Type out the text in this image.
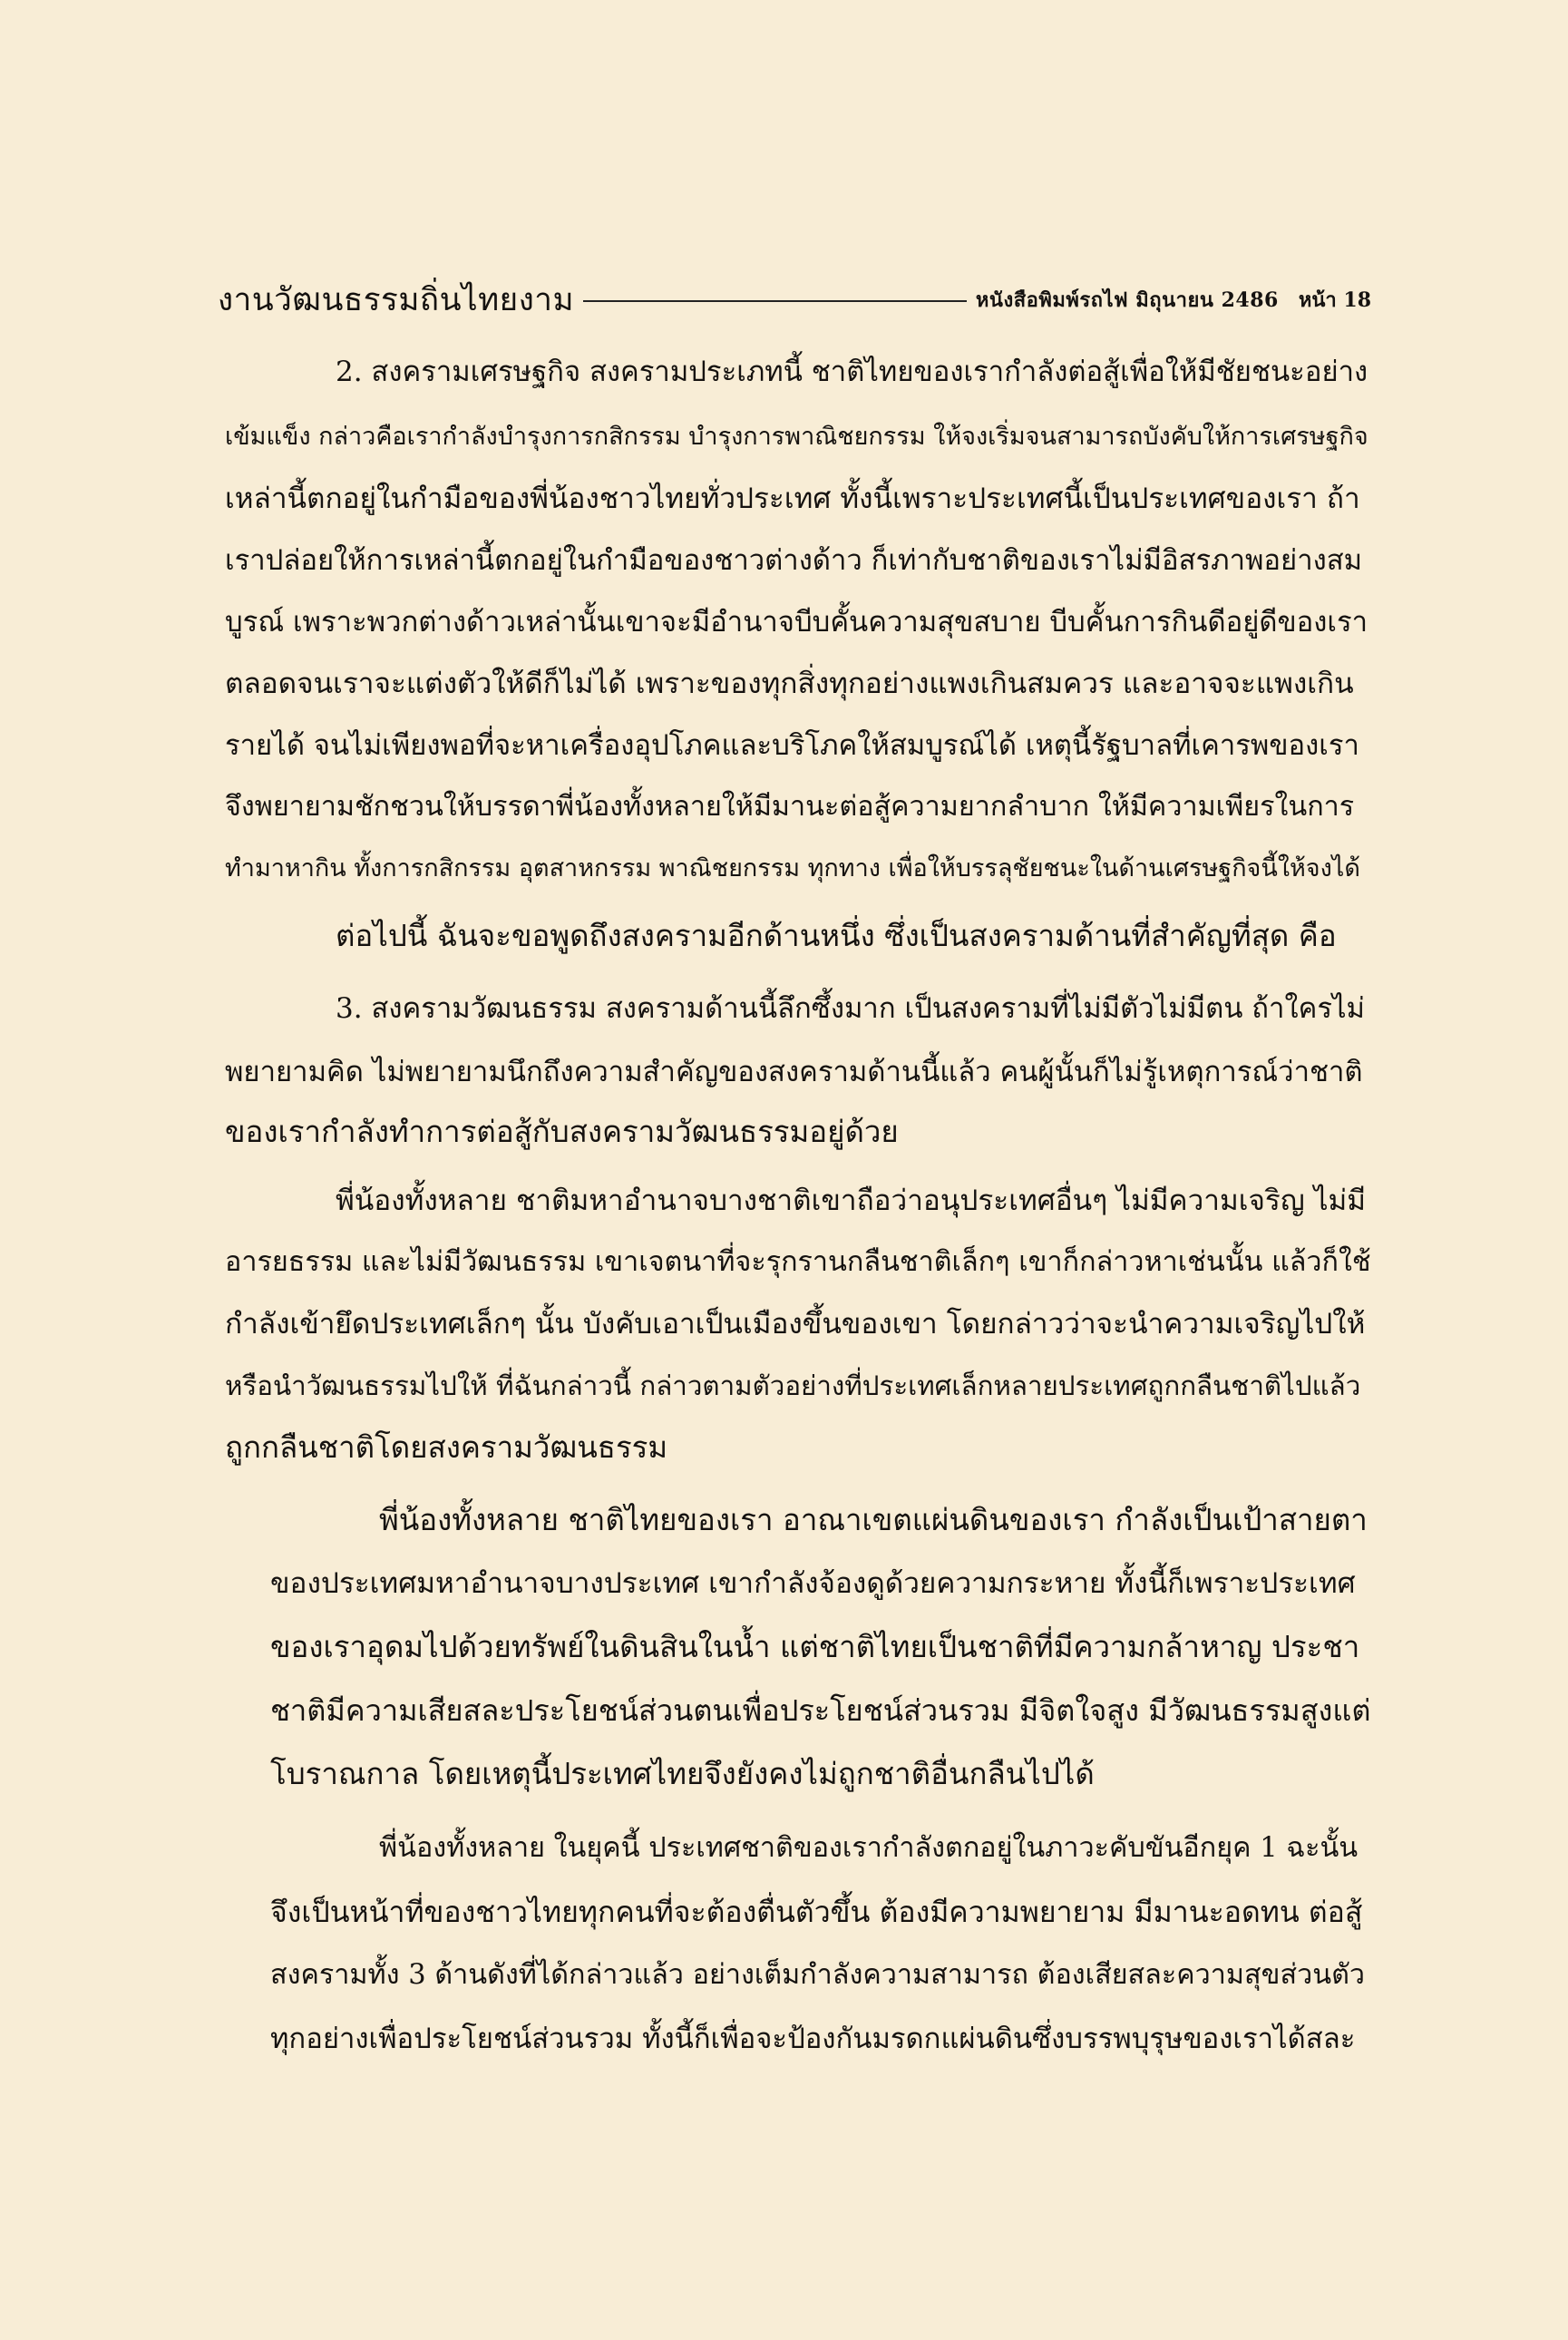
งานวัฒนธรรมถิ่นไทยงาม	หนังสือพิมพ์รถไฟ มิถุนายน 2486 หน้า 18
2. สงครามเศรษฐกิจ สงครามประเภทนี้ ชาติไทยของเรากำลังต่อสู้เพื่อให้มีชัยชนะอย่าง
เข้มแข็ง กล่าวคือเรากำลังบำรุงการกสิกรรม บำรุงการพาณิชยกรรม ให้จงเริ่มจนสามารถบังคับให้การเศรษฐกิจ
เหล่านี้ตกอยู่ในกำมือของพี่น้องชาวไทยทั่วประเทศ ทั้งนี้เพราะประเทศนี้เป็นประเทศของเรา ถ้า
เราปล่อยให้การเหล่านี้ตกอยู่ในกำมือของชาวต่างด้าว ก็เท่ากับชาติของเราไม่มีอิสรภาพอย่างสม
บูรณ์ เพราะพวกต่างด้าวเหล่านั้นเขาจะมีอำนาจบีบคั้นความสุขสบาย บีบคั้นการกินดีอยู่ดีของเรา
ตลอดจนเราจะแต่งตัวให้ดีก็ไม่ได้ เพราะของทุกสิ่งทุกอย่างแพงเกินสมควร และอาจจะแพงเกิน
รายได้ จนไม่เพียงพอที่จะหาเครื่องอุปโภคและบริโภคให้สมบูรณ์ได้ เหตุนี้รัฐบาลที่เคารพของเรา
จึงพยายามชักชวนให้บรรดาพี่น้องทั้งหลายให้มีมานะต่อสู้ความยากลำบาก ให้มีความเพียรในการ
ทำมาหากิน ทั้งการกสิกรรม อุตสาหกรรม พาณิชยกรรม ทุกทาง เพื่อให้บรรลุชัยชนะในด้านเศรษฐกิจนี้ให้จงได้
ต่อไปนี้ ฉันจะขอพูดถึงสงครามอีกด้านหนึ่ง ซึ่งเป็นสงครามด้านที่สำคัญที่สุด คือ
3. สงครามวัฒนธรรม สงครามด้านนี้ลึกซึ้งมาก เป็นสงครามที่ไม่มีตัวไม่มีตน ถ้าใครไม่
พยายามคิด ไม่พยายามนึกถึงความสำคัญของสงครามด้านนี้แล้ว คนผู้นั้นก็ไม่รู้เหตุการณ์ว่าชาติ
ของเรากำลังทำการต่อสู้กับสงครามวัฒนธรรมอยู่ด้วย
พี่น้องทั้งหลาย ชาติมหาอำนาจบางชาติเขาถือว่าอนุประเทศอื่นๆ ไม่มีความเจริญ ไม่มี
อารยธรรม และไม่มีวัฒนธรรม เขาเจตนาที่จะรุกรานกลืนชาติเล็กๆ เขาก็กล่าวหาเช่นนั้น แล้วก็ใช้
กำลังเข้ายึดประเทศเล็กๆ นั้น บังคับเอาเป็นเมืองขึ้นของเขา โดยกล่าวว่าจะนำความเจริญไปให้
หรือนำวัฒนธรรมไปให้ ที่ฉันกล่าวนี้ กล่าวตามตัวอย่างที่ประเทศเล็กหลายประเทศถูกกลืนชาติไปแล้ว
ถูกกลืนชาติโดยสงครามวัฒนธรรม
พี่น้องทั้งหลาย ชาติไทยของเรา อาณาเขตแผ่นดินของเรา กำลังเป็นเป้าสายตา
ของประเทศมหาอำนาจบางประเทศ เขากำลังจ้องดูด้วยความกระหาย ทั้งนี้ก็เพราะประเทศ
ของเราอุดมไปด้วยทรัพย์ในดินสินในน้ำ แต่ชาติไทยเป็นชาติที่มีความกล้าหาญ ประชา
ชาติมีความเสียสละประโยชน์ส่วนตนเพื่อประโยชน์ส่วนรวม มีจิตใจสูง มีวัฒนธรรมสูงแต่
โบราณกาล โดยเหตุนี้ประเทศไทยจึงยังคงไม่ถูกชาติอื่นกลืนไปได้
พี่น้องทั้งหลาย ในยุคนี้ ประเทศชาติของเรากำลังตกอยู่ในภาวะคับขันอีกยุค 1 ฉะนั้น
จึงเป็นหน้าที่ของชาวไทยทุกคนที่จะต้องตื่นตัวขึ้น ต้องมีความพยายาม มีมานะอดทน ต่อสู้
สงครามทั้ง 3 ด้านดังที่ได้กล่าวแล้ว อย่างเต็มกำลังความสามารถ ต้องเสียสละความสุขส่วนตัว
ทุกอย่างเพื่อประโยชน์ส่วนรวม ทั้งนี้ก็เพื่อจะป้องกันมรดกแผ่นดินซึ่งบรรพบุรุษของเราได้สละ
